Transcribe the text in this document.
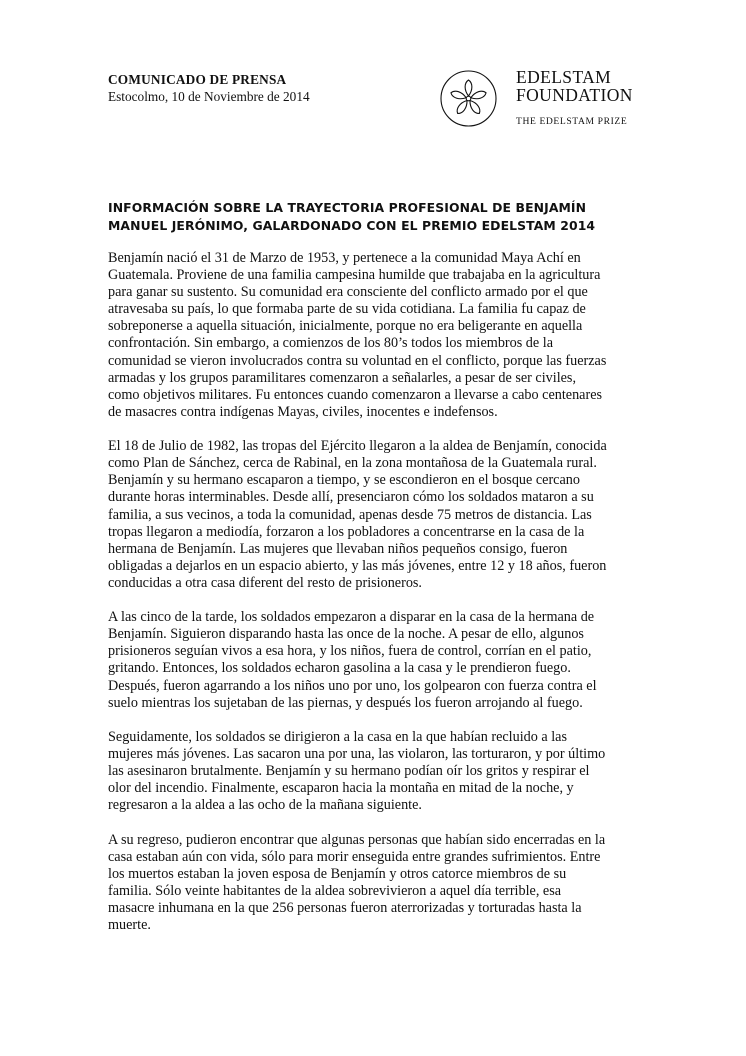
COMUNICADO DE PRENSA
Estocolmo, 10 de Noviembre de 2014
EDELSTAM
FOUNDATION
THE EDELSTAM PRIZE
INFORMACIÓN SOBRE LA TRAYECTORIA PROFESIONAL DE BENJAMÍN
MANUEL JERÓNIMO, GALARDONADO CON EL PREMIO EDELSTAM 2014

Benjamín nació el 31 de Marzo de 1953, y pertenece a la comunidad Maya Achí en
Guatemala. Proviene de una familia campesina humilde que trabajaba en la agricultura
para ganar su sustento. Su comunidad era consciente del conflicto armado por el que
atravesaba su país, lo que formaba parte de su vida cotidiana. La familia fu capaz de
sobreponerse a aquella situación, inicialmente, porque no era beligerante en aquella
confrontación. Sin embargo, a comienzos de los 80’s todos los miembros de la
comunidad se vieron involucrados contra su voluntad en el conflicto, porque las fuerzas
armadas y los grupos paramilitares comenzaron a señalarles, a pesar de ser civiles,
como objetivos militares. Fu entonces cuando comenzaron a llevarse a cabo centenares
de masacres contra indígenas Mayas, civiles, inocentes e indefensos.

El 18 de Julio de 1982, las tropas del Ejército llegaron a la aldea de Benjamín, conocida
como Plan de Sánchez, cerca de Rabinal, en la zona montañosa de la Guatemala rural.
Benjamín y su hermano escaparon a tiempo, y se escondieron en el bosque cercano
durante horas interminables. Desde allí, presenciaron cómo los soldados mataron a su
familia, a sus vecinos, a toda la comunidad, apenas desde 75 metros de distancia. Las
tropas llegaron a mediodía, forzaron a los pobladores a concentrarse en la casa de la
hermana de Benjamín. Las mujeres que llevaban niños pequeños consigo, fueron
obligadas a dejarlos en un espacio abierto, y las más jóvenes, entre 12 y 18 años, fueron
conducidas a otra casa diferent del resto de prisioneros.

A las cinco de la tarde, los soldados empezaron a disparar en la casa de la hermana de
Benjamín. Siguieron disparando hasta las once de la noche. A pesar de ello, algunos
prisioneros seguían vivos a esa hora, y los niños, fuera de control, corrían en el patio,
gritando. Entonces, los soldados echaron gasolina a la casa y le prendieron fuego.
Después, fueron agarrando a los niños uno por uno, los golpearon con fuerza contra el
suelo mientras los sujetaban de las piernas, y después los fueron arrojando al fuego.

Seguidamente, los soldados se dirigieron a la casa en la que habían recluido a las
mujeres más jóvenes. Las sacaron una por una, las violaron, las torturaron, y por último
las asesinaron brutalmente. Benjamín y su hermano podían oír los gritos y respirar el
olor del incendio. Finalmente, escaparon hacia la montaña en mitad de la noche, y
regresaron a la aldea a las ocho de la mañana siguiente.

A su regreso, pudieron encontrar que algunas personas que habían sido encerradas en la
casa estaban aún con vida, sólo para morir enseguida entre grandes sufrimientos. Entre
los muertos estaban la joven esposa de Benjamín y otros catorce miembros de su
familia. Sólo veinte habitantes de la aldea sobrevivieron a aquel día terrible, esa
masacre inhumana en la que 256 personas fueron aterrorizadas y torturadas hasta la
muerte.
